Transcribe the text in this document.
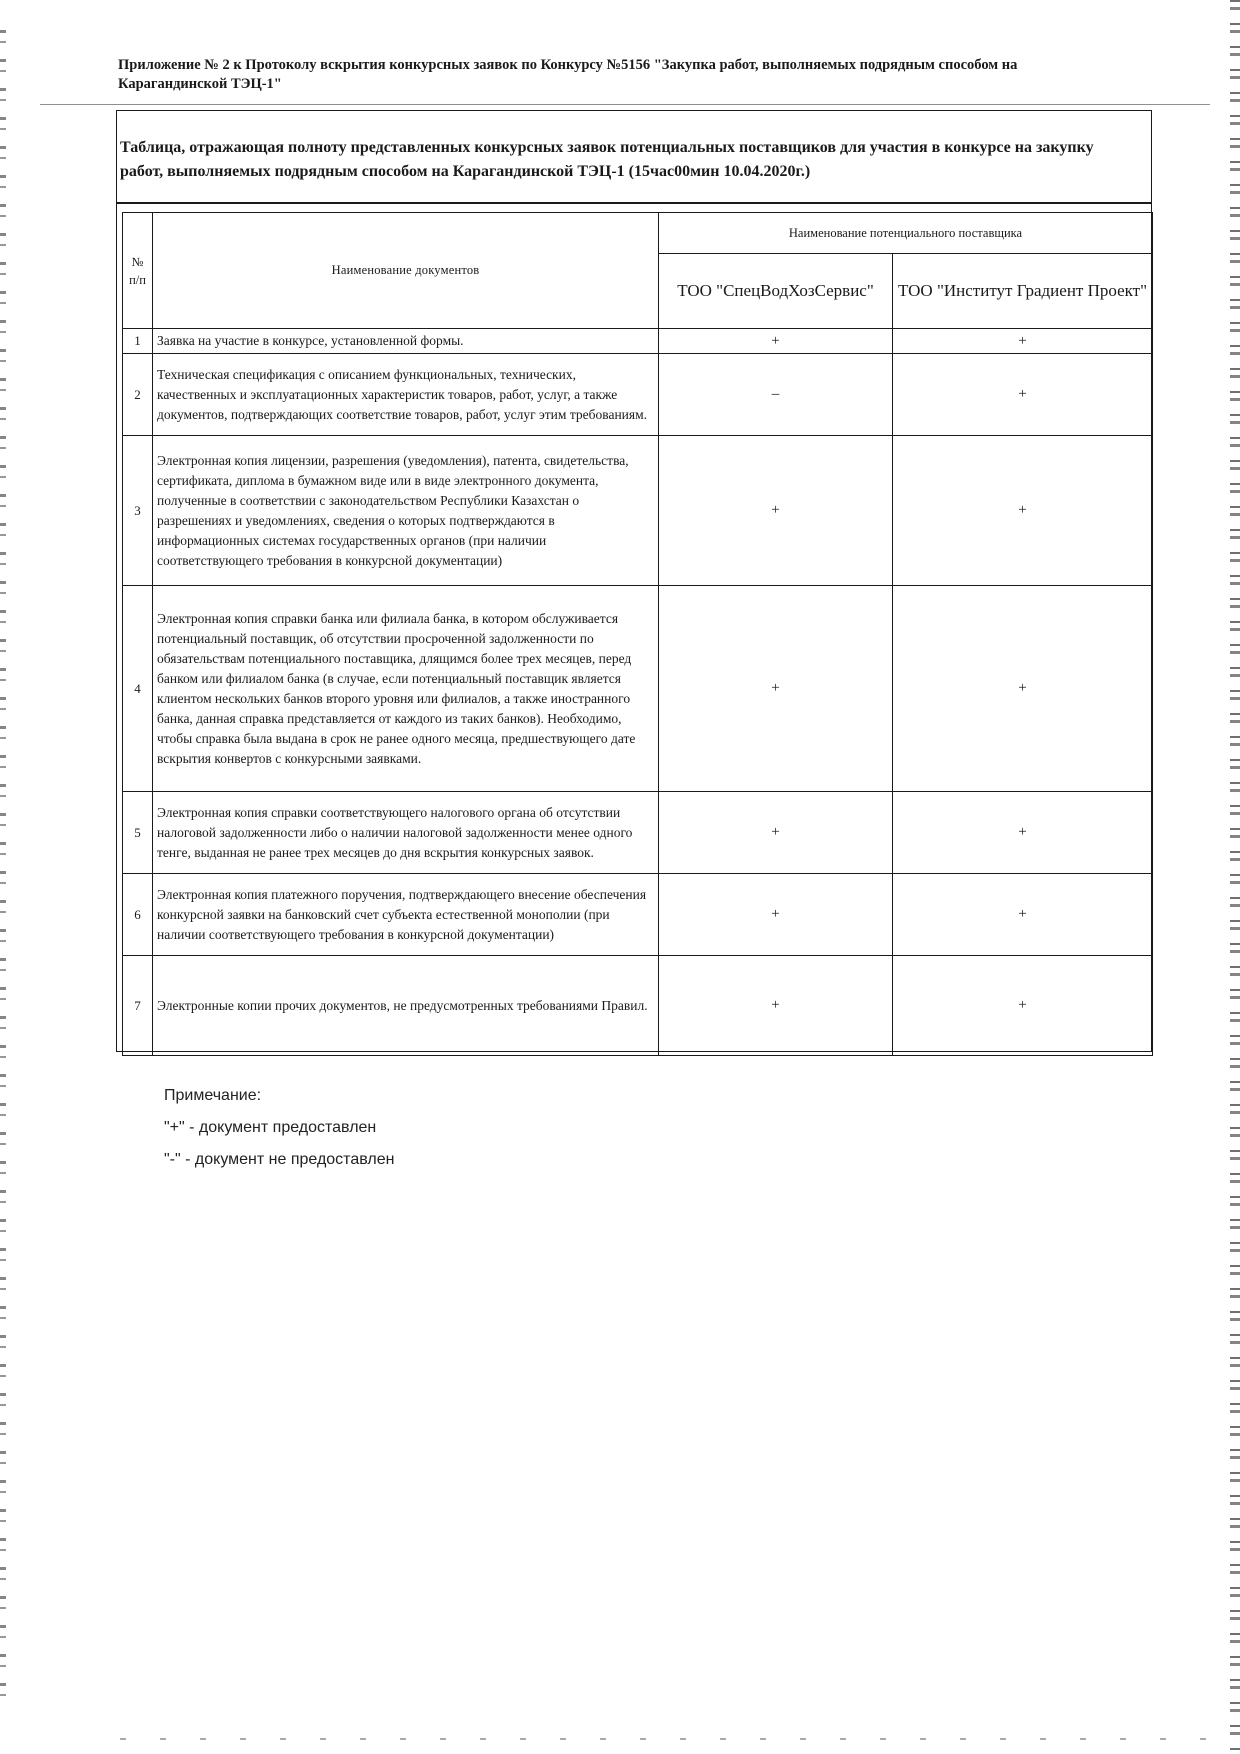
Приложение № 2 к Протоколу вскрытия конкурсных заявок по Конкурсу №5156 "Закупка работ, выполняемых подрядным способом на Карагандинской ТЭЦ-1"
Таблица, отражающая полноту представленных конкурсных заявок потенциальных поставщиков для участия в конкурсе на закупку работ, выполняемых подрядным способом на Карагандинской ТЭЦ-1 (15час00мин 10.04.2020г.)
№ п/п	Наименование документов	Наименование потенциального поставщика	
		ТОО "СпецВодХозСервис"	ТОО "Институт Градиент Проект"
1	Заявка на участие в конкурсе, установленной формы.	+	+
2	Техническая спецификация с описанием функциональных, технических, качественных и эксплуатационных характеристик товаров, работ, услуг, а также документов, подтверждающих соответствие товаров, работ, услуг этим требованиям.	–	+
3	Электронная копия лицензии, разрешения (уведомления), патента, свидетельства, сертификата, диплома в бумажном виде или в виде электронного документа, полученные в соответствии с законодательством Республики Казахстан о разрешениях и уведомлениях, сведения о которых подтверждаются в информационных системах государственных органов (при наличии соответствующего требования в конкурсной документации)	+	+
4	Электронная копия справки банка или филиала банка, в котором обслуживается потенциальный поставщик, об отсутствии просроченной задолженности по обязательствам потенциального поставщика, длящимся более трех месяцев, перед банком или филиалом банка (в случае, если потенциальный поставщик является клиентом нескольких банков второго уровня или филиалов, а также иностранного банка, данная справка представляется от каждого из таких банков). Необходимо, чтобы справка была выдана в срок не ранее одного месяца, предшествующего дате вскрытия конвертов с конкурсными заявками.	+	+
5	Электронная копия справки соответствующего налогового органа об отсутствии налоговой задолженности либо о наличии налоговой задолженности менее одного тенге, выданная не ранее трех месяцев до дня вскрытия конкурсных заявок.	+	+
6	Электронная копия платежного поручения, подтверждающего внесение обеспечения конкурсной заявки на банковский счет субъекта естественной монополии (при наличии соответствующего требования в конкурсной документации)	+	+
7	Электронные копии прочих документов, не предусмотренных требованиями Правил.	+	+
Примечание:
"+" - документ предоставлен
"-" - документ не предоставлен
